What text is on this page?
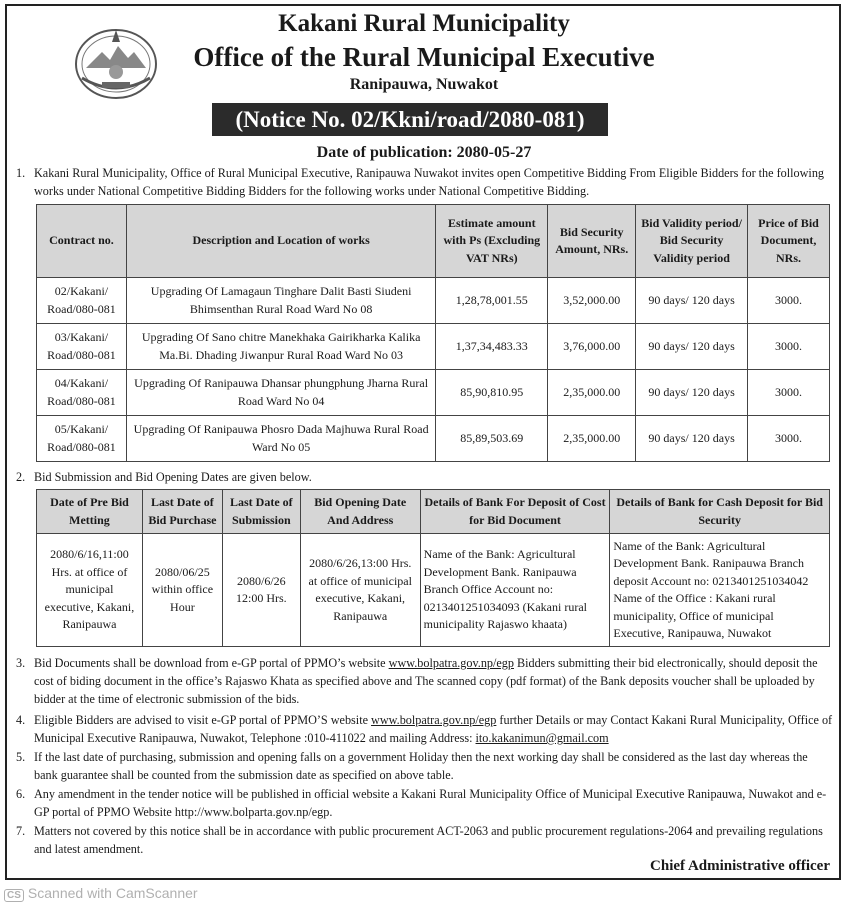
Kakani Rural Municipality
Office of the Rural Municipal Executive
Ranipauwa, Nuwakot
(Notice No. 02/Kkni/road/2080-081)
Date of publication: 2080-05-27
1. Kakani Rural Municipality, Office of Rural Municipal Executive, Ranipauwa Nuwakot invites open Competitive Bidding From Eligible Bidders for the following works under National Competitive Bidding Bidders for the following works under National Competitive Bidding.
Contract no.	Description and Location of works	Estimate amount with Ps (Excluding VAT NRs)	Bid Security Amount, NRs.	Bid Validity period/ Bid Security Validity period	Price of Bid Document, NRs.
02/Kakani/ Road/080-081	Upgrading Of Lamagaun Tinghare Dalit Basti Siudeni Bhimsenthan Rural Road Ward No 08	1,28,78,001.55	3,52,000.00	90 days/ 120 days	3000.
03/Kakani/ Road/080-081	Upgrading Of Sano chitre Manekhaka Gairikharka Kalika Ma.Bi. Dhading Jiwanpur Rural Road Ward No 03	1,37,34,483.33	3,76,000.00	90 days/ 120 days	3000.
04/Kakani/ Road/080-081	Upgrading Of Ranipauwa Dhansar phungphung Jharna Rural Road Ward No 04	85,90,810.95	2,35,000.00	90 days/ 120 days	3000.
05/Kakani/ Road/080-081	Upgrading Of Ranipauwa Phosro Dada Majhuwa Rural Road Ward No 05	85,89,503.69	2,35,000.00	90 days/ 120 days	3000.
2. Bid Submission and Bid Opening Dates are given below.
Date of Pre Bid Metting	Last Date of Bid Purchase	Last Date of Submission	Bid Opening Date And Address	Details of Bank For Deposit of Cost for Bid Document	Details of Bank for Cash Deposit for Bid Security
2080/6/16,11:00 Hrs. at office of municipal executive, Kakani, Ranipauwa	2080/06/25 within office Hour	2080/6/26 12:00 Hrs.	2080/6/26,13:00 Hrs. at office of municipal executive, Kakani, Ranipauwa	Name of the Bank: Agricultural Development Bank. Ranipauwa Branch Office Account no: 0213401251034093 (Kakani rural municipality Rajaswo khaata)	Name of the Bank: Agricultural Development Bank. Ranipauwa Branch deposit Account no: 0213401251034042 Name of the Office : Kakani rural municipality, Office of municipal Executive, Ranipauwa, Nuwakot
3. Bid Documents shall be download from e-GP portal of PPMO’s website www.bolpatra.gov.np/egp Bidders submitting their bid electronically, should deposit the cost of biding document in the office’s Rajaswo Khata as specified above and The scanned copy (pdf format) of the Bank deposits voucher shall be uploaded by bidder at the time of electronic submission of the bids.
4. Eligible Bidders are advised to visit e-GP portal of PPMO’S website www.bolpatra.gov.np/egp further Details or may Contact Kakani Rural Municipality, Office of Municipal Executive Ranipauwa, Nuwakot, Telephone :010-411022 and mailing Address: ito.kakanimun@gmail.com
5. If the last date of purchasing, submission and opening falls on a government Holiday then the next working day shall be considered as the last day whereas the bank guarantee shall be counted from the submission date as specified on above table.
6. Any amendment in the tender notice will be published in official website a Kakani Rural Municipality Office of Municipal Executive Ranipauwa, Nuwakot and e-GP portal of PPMO Website http://www.bolparta.gov.np/egp.
7. Matters not covered by this notice shall be in accordance with public procurement ACT-2063 and public procurement regulations-2064 and prevailing regulations and latest amendment.
Chief Administrative officer
CS Scanned with CamScanner
